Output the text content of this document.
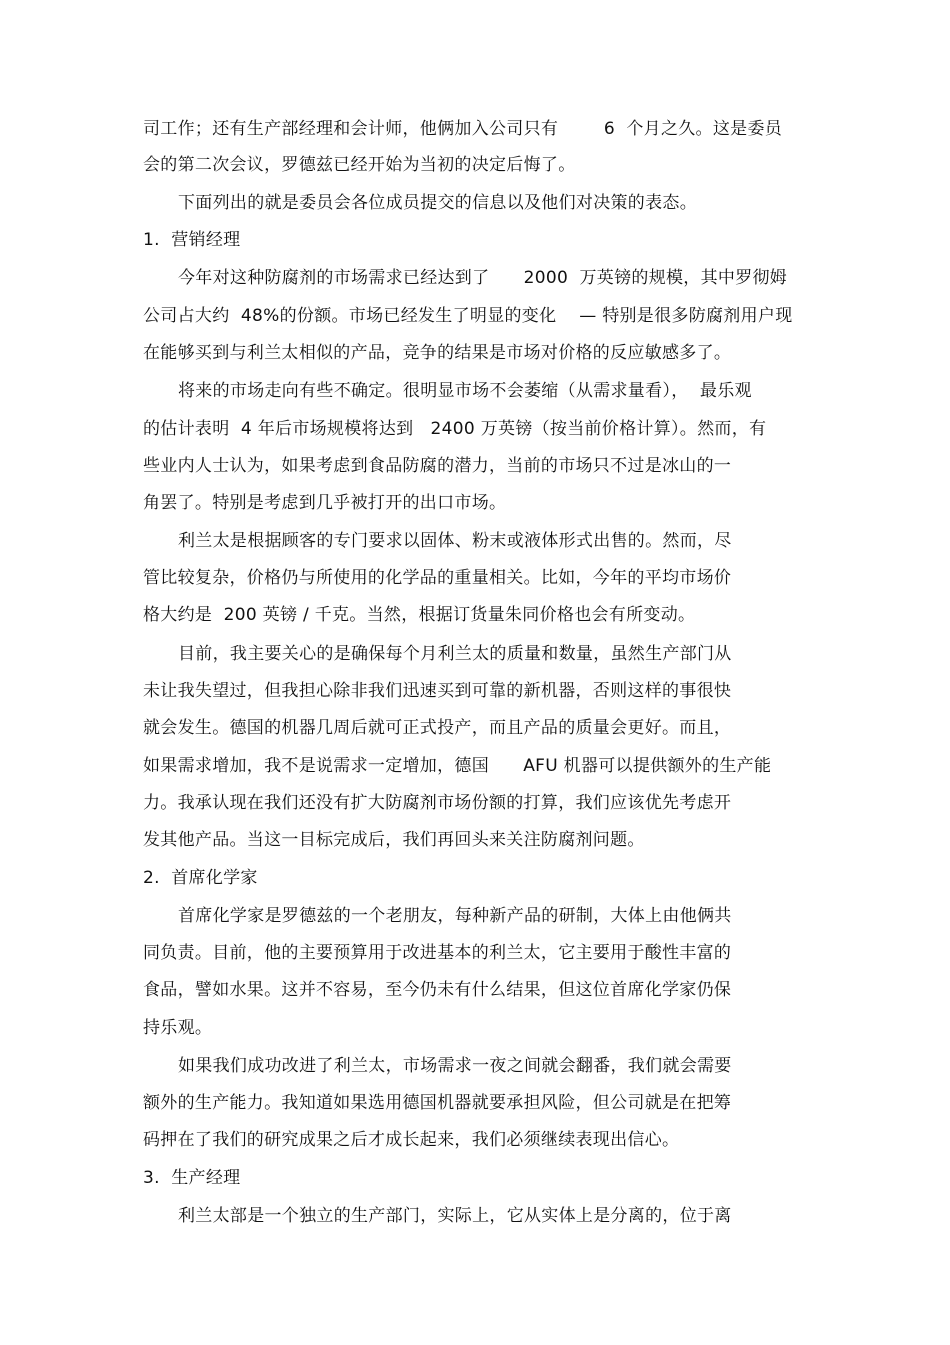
司工作；还有生产部经理和会计师，他俩加入公司只有        6  个月之久。这是委员
会的第二次会议，罗德兹已经开始为当初的决定后悔了。
下面列出的就是委员会各位成员提交的信息以及他们对决策的表态。
1.  营销经理
今年对这种防腐剂的市场需求已经达到了      2000  万英镑的规模，其中罗彻姆
公司占大约  48%的份额。市场已经发生了明显的变化    — 特别是很多防腐剂用户现
在能够买到与利兰太相似的产品，竞争的结果是市场对价格的反应敏感多了。
将来的市场走向有些不确定。很明显市场不会萎缩（从需求量看），  最乐观
的估计表明  4 年后市场规模将达到   2400 万英镑（按当前价格计算）。然而，有
些业内人士认为，如果考虑到食品防腐的潜力，当前的市场只不过是冰山的一
角罢了。特别是考虑到几乎被打开的出口市场。
利兰太是根据顾客的专门要求以固体、粉末或液体形式出售的。然而，尽
管比较复杂，价格仍与所使用的化学品的重量相关。比如，今年的平均市场价
格大约是  200 英镑 / 千克。当然，根据订货量朱同价格也会有所变动。
目前，我主要关心的是确保每个月利兰太的质量和数量，虽然生产部门从
未让我失望过，但我担心除非我们迅速买到可靠的新机器，否则这样的事很快
就会发生。德国的机器几周后就可正式投产，而且产品的质量会更好。而且，
如果需求增加，我不是说需求一定增加，德国      AFU 机器可以提供额外的生产能
力。我承认现在我们还没有扩大防腐剂市场份额的打算，我们应该优先考虑开
发其他产品。当这一目标完成后，我们再回头来关注防腐剂问题。
2.  首席化学家
首席化学家是罗德兹的一个老朋友，每种新产品的研制，大体上由他俩共
同负责。目前，他的主要预算用于改进基本的利兰太，它主要用于酸性丰富的
食品，譬如水果。这并不容易，至今仍未有什么结果，但这位首席化学家仍保
持乐观。
如果我们成功改进了利兰太，市场需求一夜之间就会翻番，我们就会需要
额外的生产能力。我知道如果选用德国机器就要承担风险，但公司就是在把筹
码押在了我们的研究成果之后才成长起来，我们必须继续表现出信心。
3.  生产经理
利兰太部是一个独立的生产部门，实际上，它从实体上是分离的，位于离
